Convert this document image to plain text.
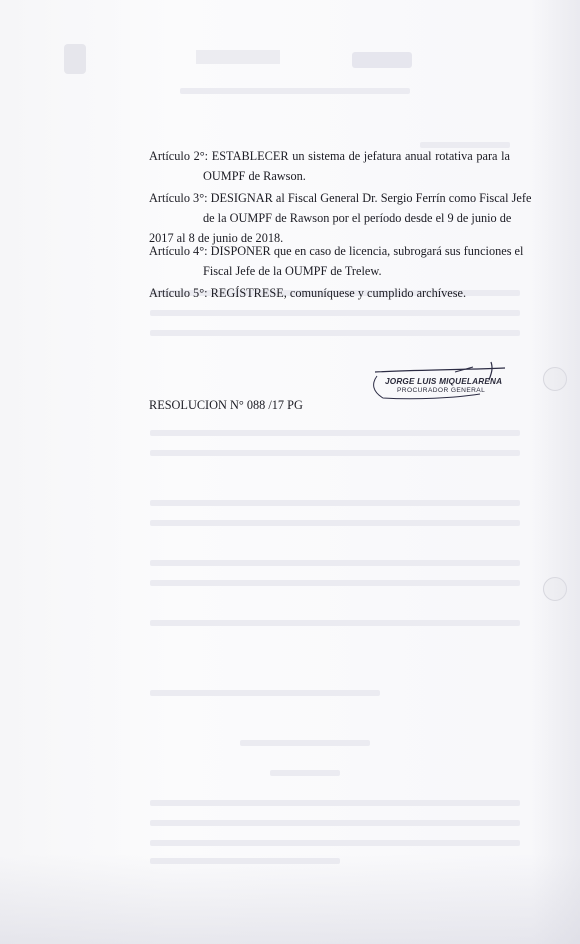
Artículo 2°: ESTABLECER un sistema de jefatura anual rotativa para la
OUMPF de Rawson.
Artículo 3°: DESIGNAR al Fiscal General Dr. Sergio Ferrín como Fiscal Jefe
de la OUMPF de Rawson por el período desde el 9 de junio de
2017 al 8 de junio de 2018.
Artículo 4°: DISPONER que en caso de licencia, subrogará sus funciones el
Fiscal Jefe de la OUMPF de Trelew.
Artículo 5°: REGÍSTRESE, comuníquese y cumplido archívese.
JORGE LUIS MIQUELARENA
PROCURADOR GENERAL
RESOLUCION N° 088 /17 PG
